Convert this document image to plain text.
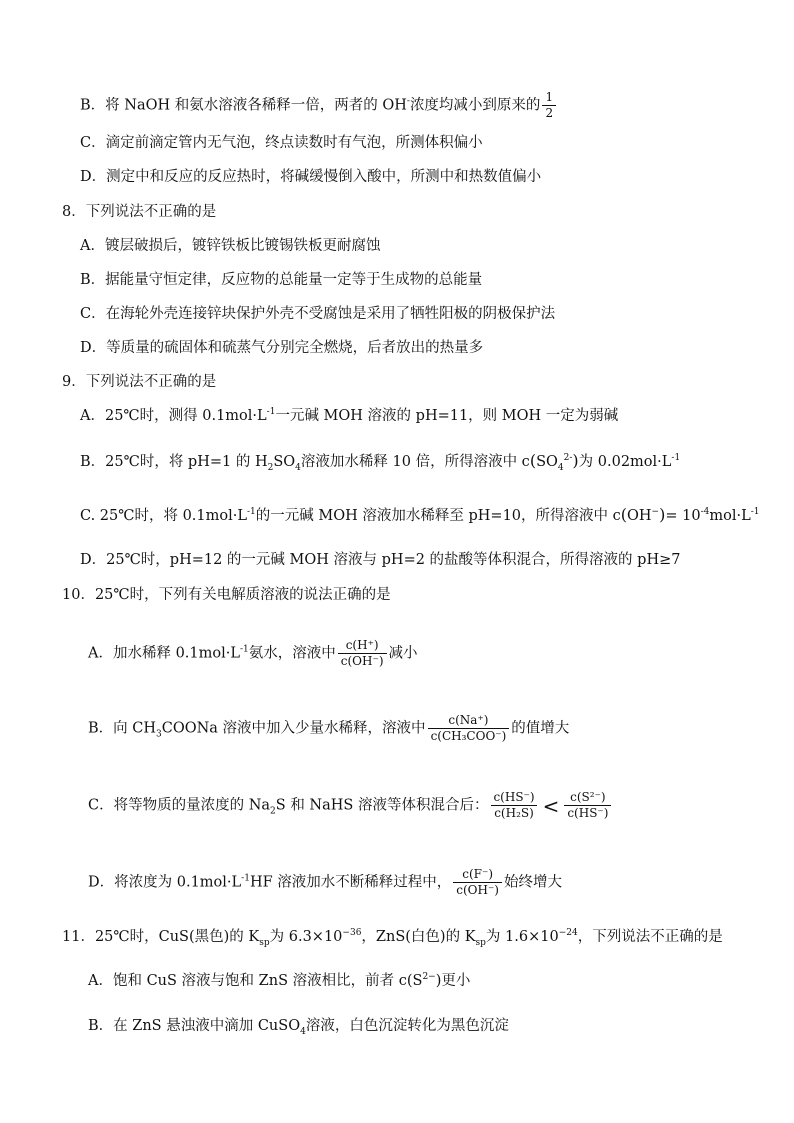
B．将 NaOH 和氨水溶液各稀释一倍，两者的 OH-浓度均减小到原来的 $\frac{1}{2}$
C．滴定前滴定管内无气泡，终点读数时有气泡，所测体积偏小
D．测定中和反应的反应热时，将碱缓慢倒入酸中，所测中和热数值偏小
8．下列说法不正确的是
A．镀层破损后，镀锌铁板比镀锡铁板更耐腐蚀
B．据能量守恒定律，反应物的总能量一定等于生成物的总能量
C．在海轮外壳连接锌块保护外壳不受腐蚀是采用了牺牲阳极的阴极保护法
D．等质量的硫固体和硫蒸气分别完全燃烧，后者放出的热量多
9．下列说法不正确的是
A．25℃时，测得 $0.1mol\cdot L^{-1}$一元碱 MOH 溶液的 pH=11，则 MOH 一定为弱碱
B．25℃时，将 pH=1 的 $H_2SO_4$溶液加水稀释 10 倍，所得溶液中 $c(SO_4^{2-})$为 $0.02mol\cdot L^{-1}$
C. 25℃时，将 $0.1mol\cdot L^{-1}$的一元碱 MOH 溶液加水稀释至 pH=10，所得溶液中 $c(OH^-)= 10^{-4}mol\cdot L^{-1}$
D．25℃时，pH=12 的一元碱 MOH 溶液与 pH=2 的盐酸等体积混合，所得溶液的 pH≥7
10．25℃时，下列有关电解质溶液的说法正确的是
A．加水稀释 $0.1mol\cdot L^{-1}$氨水，溶液中 $\frac{c(H^+)}{c(OH^-)}$ 减小
B．向 $CH_3COONa$ 溶液中加入少量水稀释，溶液中 $\frac{c(Na^+)}{\text{c(CH₃COO⁻)}}$ 的值增大
C．将等物质的量浓度的 $Na_2S$ 和 NaHS 溶液等体积混合后： $\frac{c(HS^-)}{\text{c(H₂S)}} < \frac{\text{c(S²⁻)}}{c(HS^-)}$
D．将浓度为 $0.1mol\cdot L^{-1}HF$ 溶液加水不断稀释过程中， $\frac{c(F^-)}{c(OH^-)}$ 始终增大
11．25℃时，CuS(黑色)的 $K_{sp}$为 $6.3\times 10^{-36}$，ZnS(白色)的 $K_{sp}$为 $1.6\times 10^{-24}$，下列说法不正确的是
A．饱和 CuS 溶液与饱和 ZnS 溶液相比，前者 $c(S^{2-})$更小
B．在 ZnS 悬浊液中滴加 CuSO$_4$溶液，白色沉淀转化为黑色沉淀
